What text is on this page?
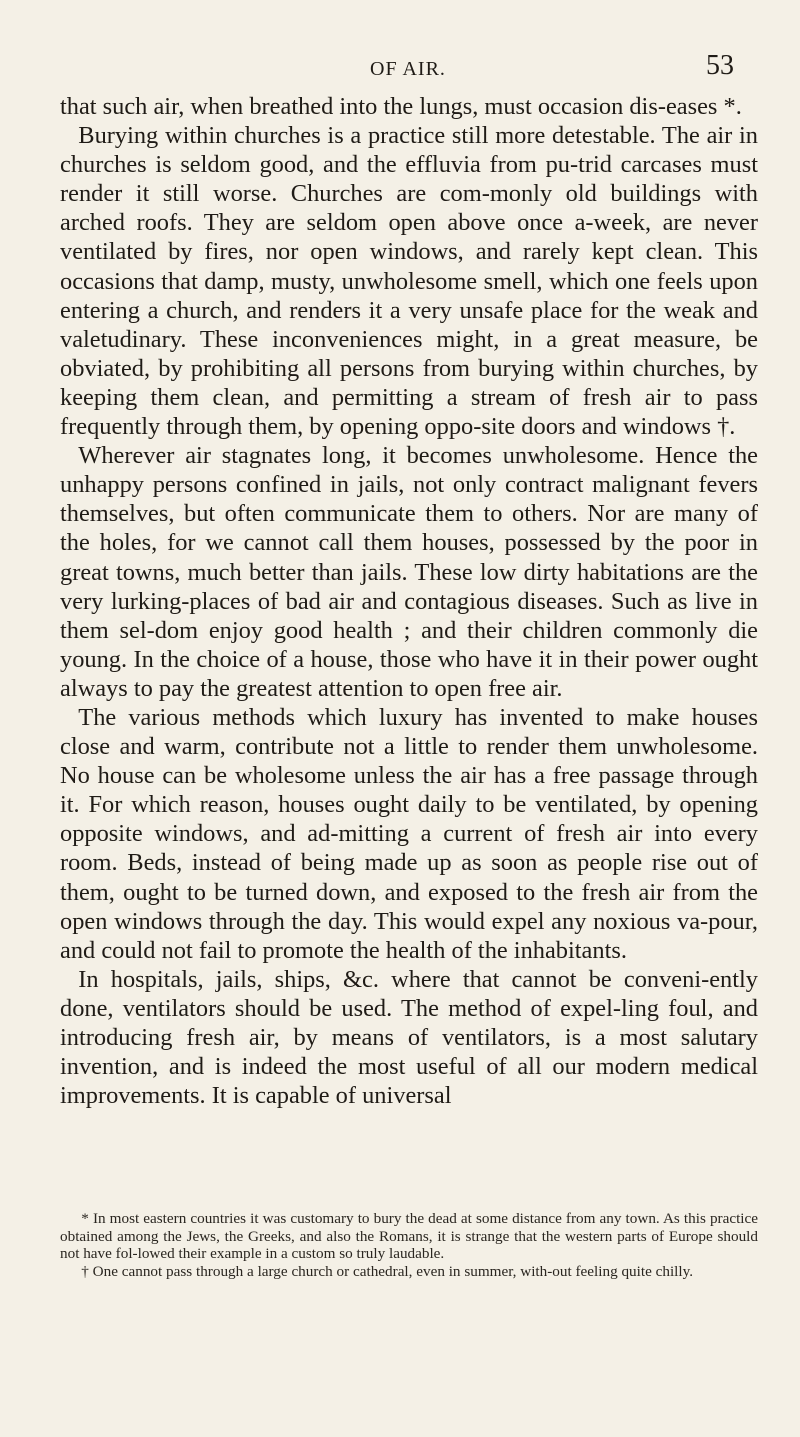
OF AIR.	53

that such air, when breathed into the lungs, must occasion dis-eases *.

Burying within churches is a practice still more detestable. The air in churches is seldom good, and the effluvia from pu-trid carcases must render it still worse. Churches are com-monly old buildings with arched roofs. They are seldom open above once a-week, are never ventilated by fires, nor open windows, and rarely kept clean. This occasions that damp, musty, unwholesome smell, which one feels upon entering a church, and renders it a very unsafe place for the weak and valetudinary. These inconveniences might, in a great measure, be obviated, by prohibiting all persons from burying within churches, by keeping them clean, and permitting a stream of fresh air to pass frequently through them, by opening oppo-site doors and windows †.

Wherever air stagnates long, it becomes unwholesome. Hence the unhappy persons confined in jails, not only contract malignant fevers themselves, but often communicate them to others. Nor are many of the holes, for we cannot call them houses, possessed by the poor in great towns, much better than jails. These low dirty habitations are the very lurking-places of bad air and contagious diseases. Such as live in them sel-dom enjoy good health ; and their children commonly die young. In the choice of a house, those who have it in their power ought always to pay the greatest attention to open free air.

The various methods which luxury has invented to make houses close and warm, contribute not a little to render them unwholesome. No house can be wholesome unless the air has a free passage through it. For which reason, houses ought daily to be ventilated, by opening opposite windows, and ad-mitting a current of fresh air into every room. Beds, instead of being made up as soon as people rise out of them, ought to be turned down, and exposed to the fresh air from the open windows through the day. This would expel any noxious va-pour, and could not fail to promote the health of the inhabitants.

In hospitals, jails, ships, &c. where that cannot be conveni-ently done, ventilators should be used. The method of expel-ling foul, and introducing fresh air, by means of ventilators, is a most salutary invention, and is indeed the most useful of all our modern medical improvements. It is capable of universal

* In most eastern countries it was customary to bury the dead at some distance from any town. As this practice obtained among the Jews, the Greeks, and also the Romans, it is strange that the western parts of Europe should not have fol-lowed their example in a custom so truly laudable.

† One cannot pass through a large church or cathedral, even in summer, with-out feeling quite chilly.
